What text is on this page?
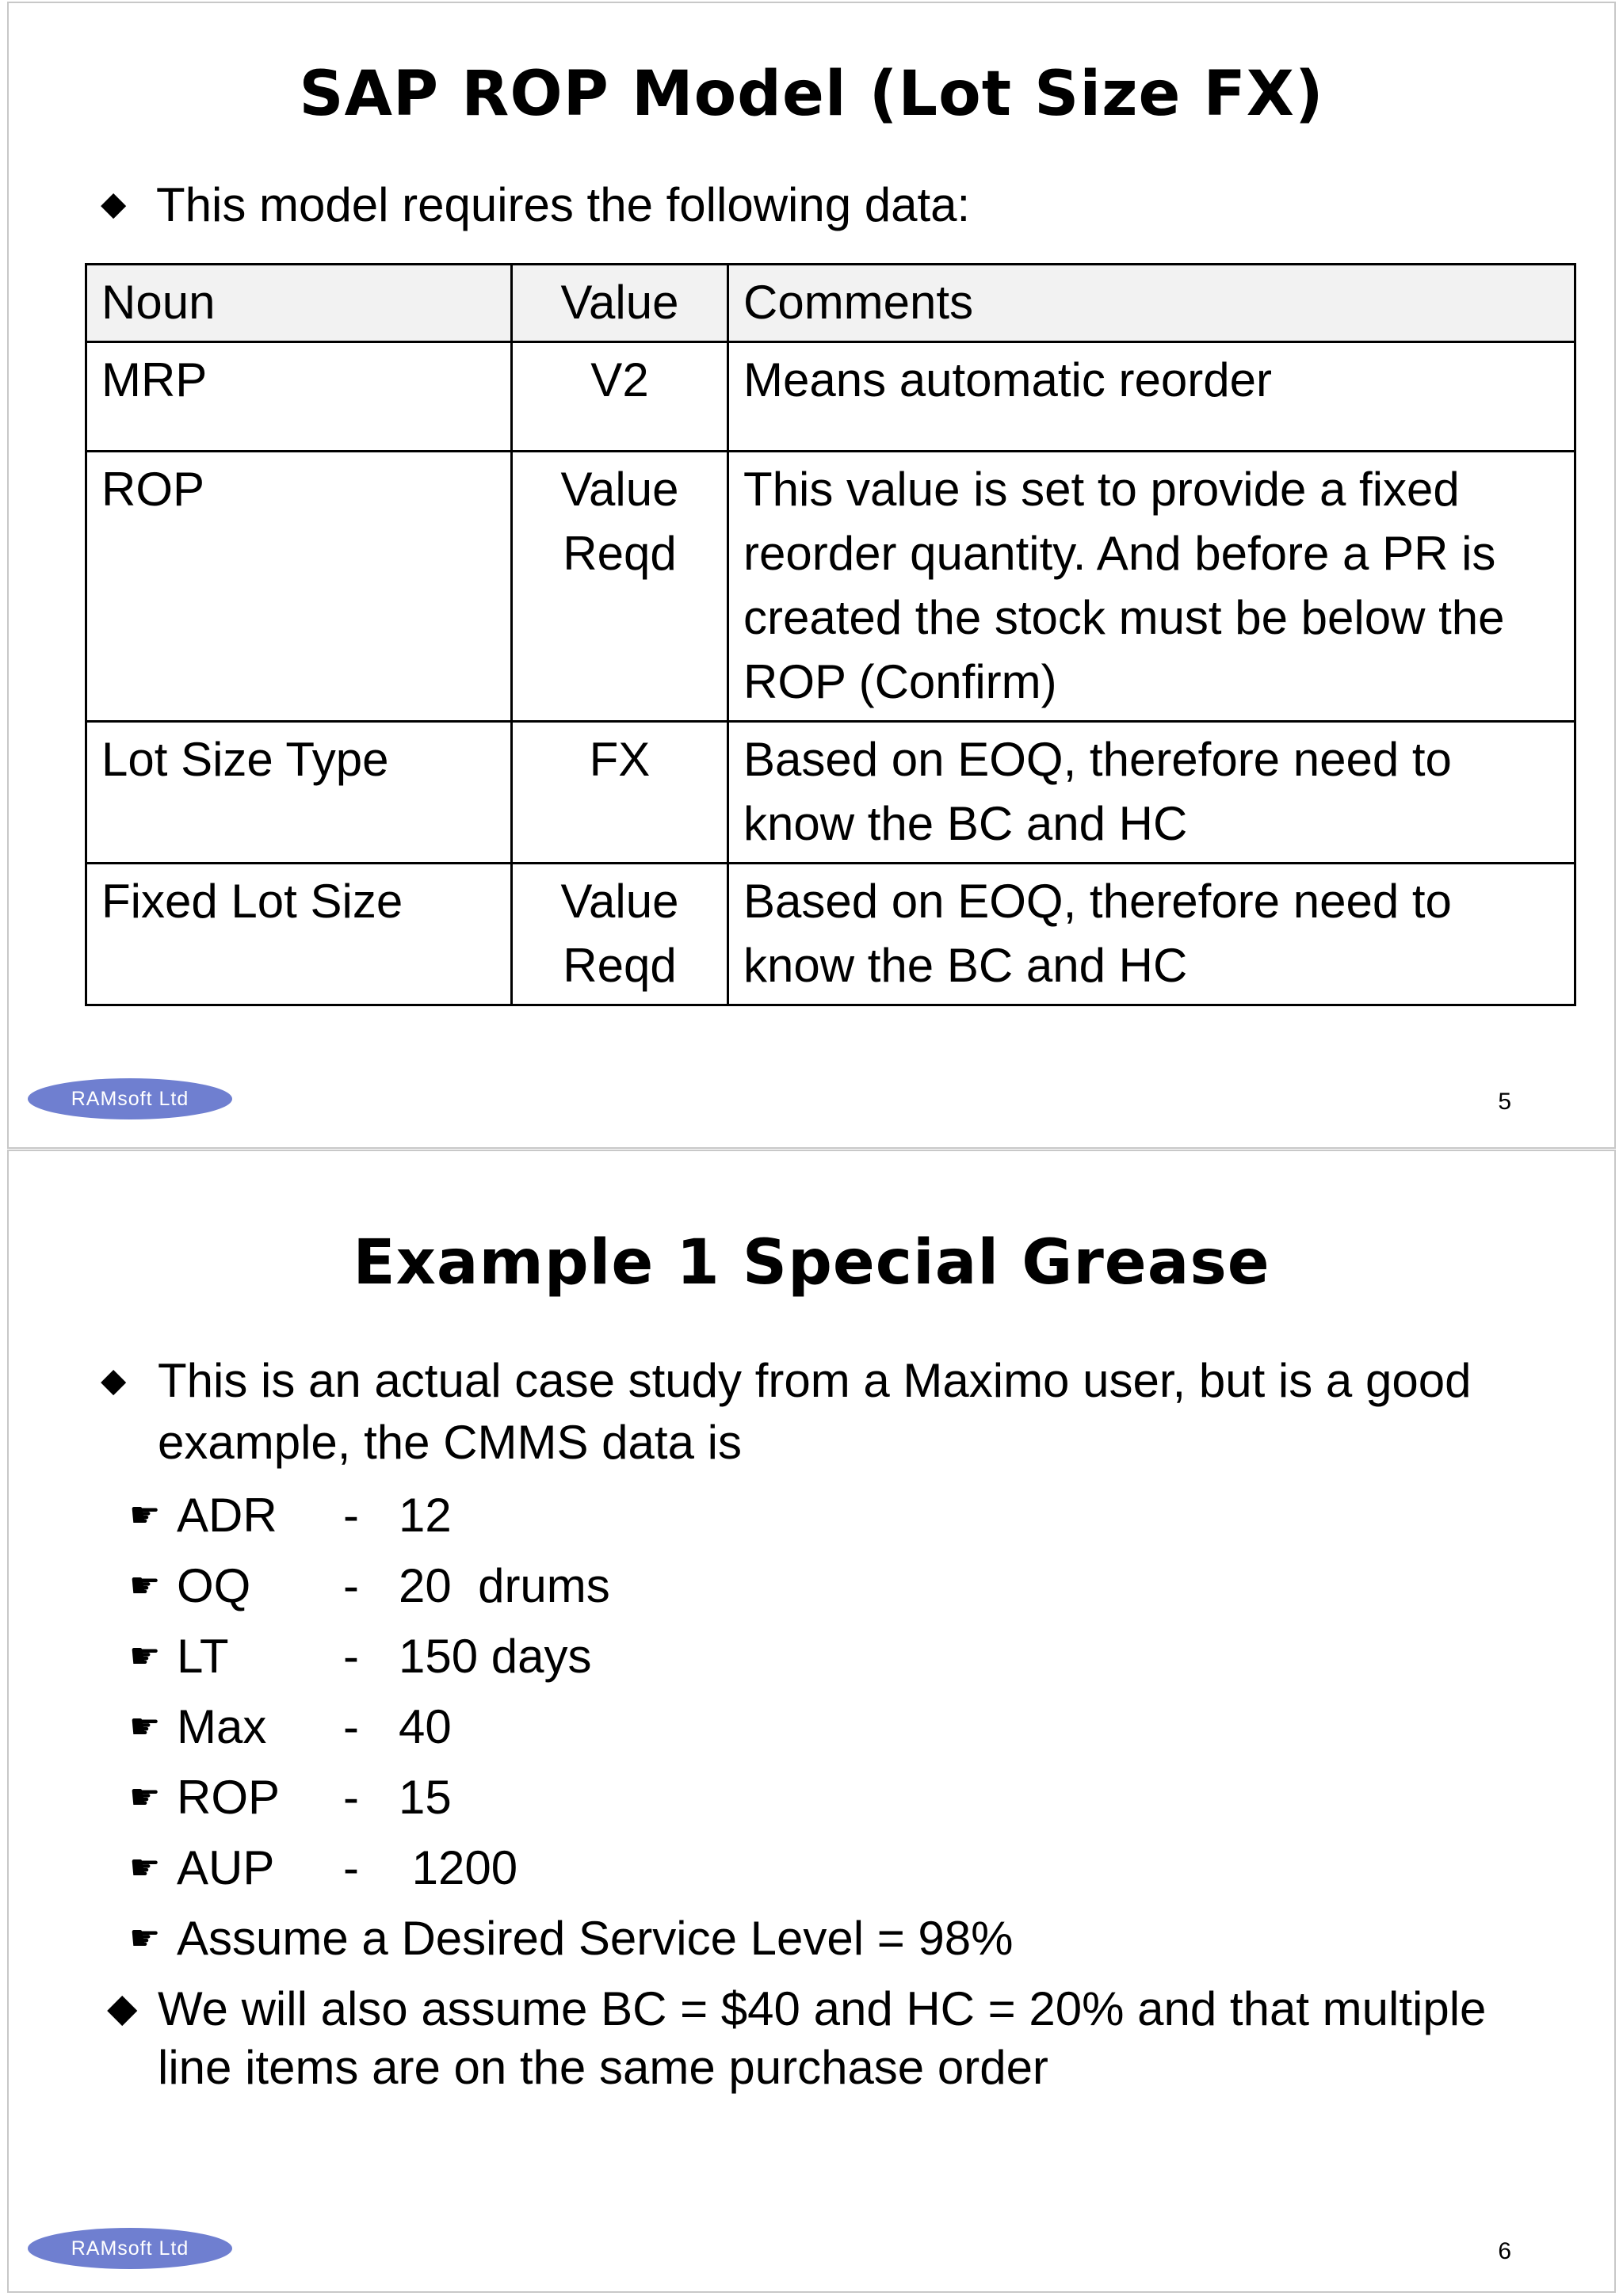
SAP ROP Model (Lot Size FX)
◆ This model requires the following data:
Noun	Value	Comments
MRP	V2	Means automatic reorder
ROP	Value Reqd	This value is set to provide a fixed reorder quantity. And before a PR is created the stock must be below the ROP (Confirm)
Lot Size Type	FX	Based on EOQ, therefore need to know the BC and HC
Fixed Lot Size	Value Reqd	Based on EOQ, therefore need to know the BC and HC
RAMsoft Ltd	5
Example 1 Special Grease
◆ This is an actual case study from a Maximo user, but is a good
example, the CMMS data is
☛ ADR - 12
☛ OQ - 20  drums
☛ LT - 150 days
☛ Max - 40
☛ ROP - 15
☛ AUP - 1200
☛ Assume a Desired Service Level = 98%
◆ We will also assume BC = $40 and HC = 20% and that multiple
line items are on the same purchase order
RAMsoft Ltd	6
